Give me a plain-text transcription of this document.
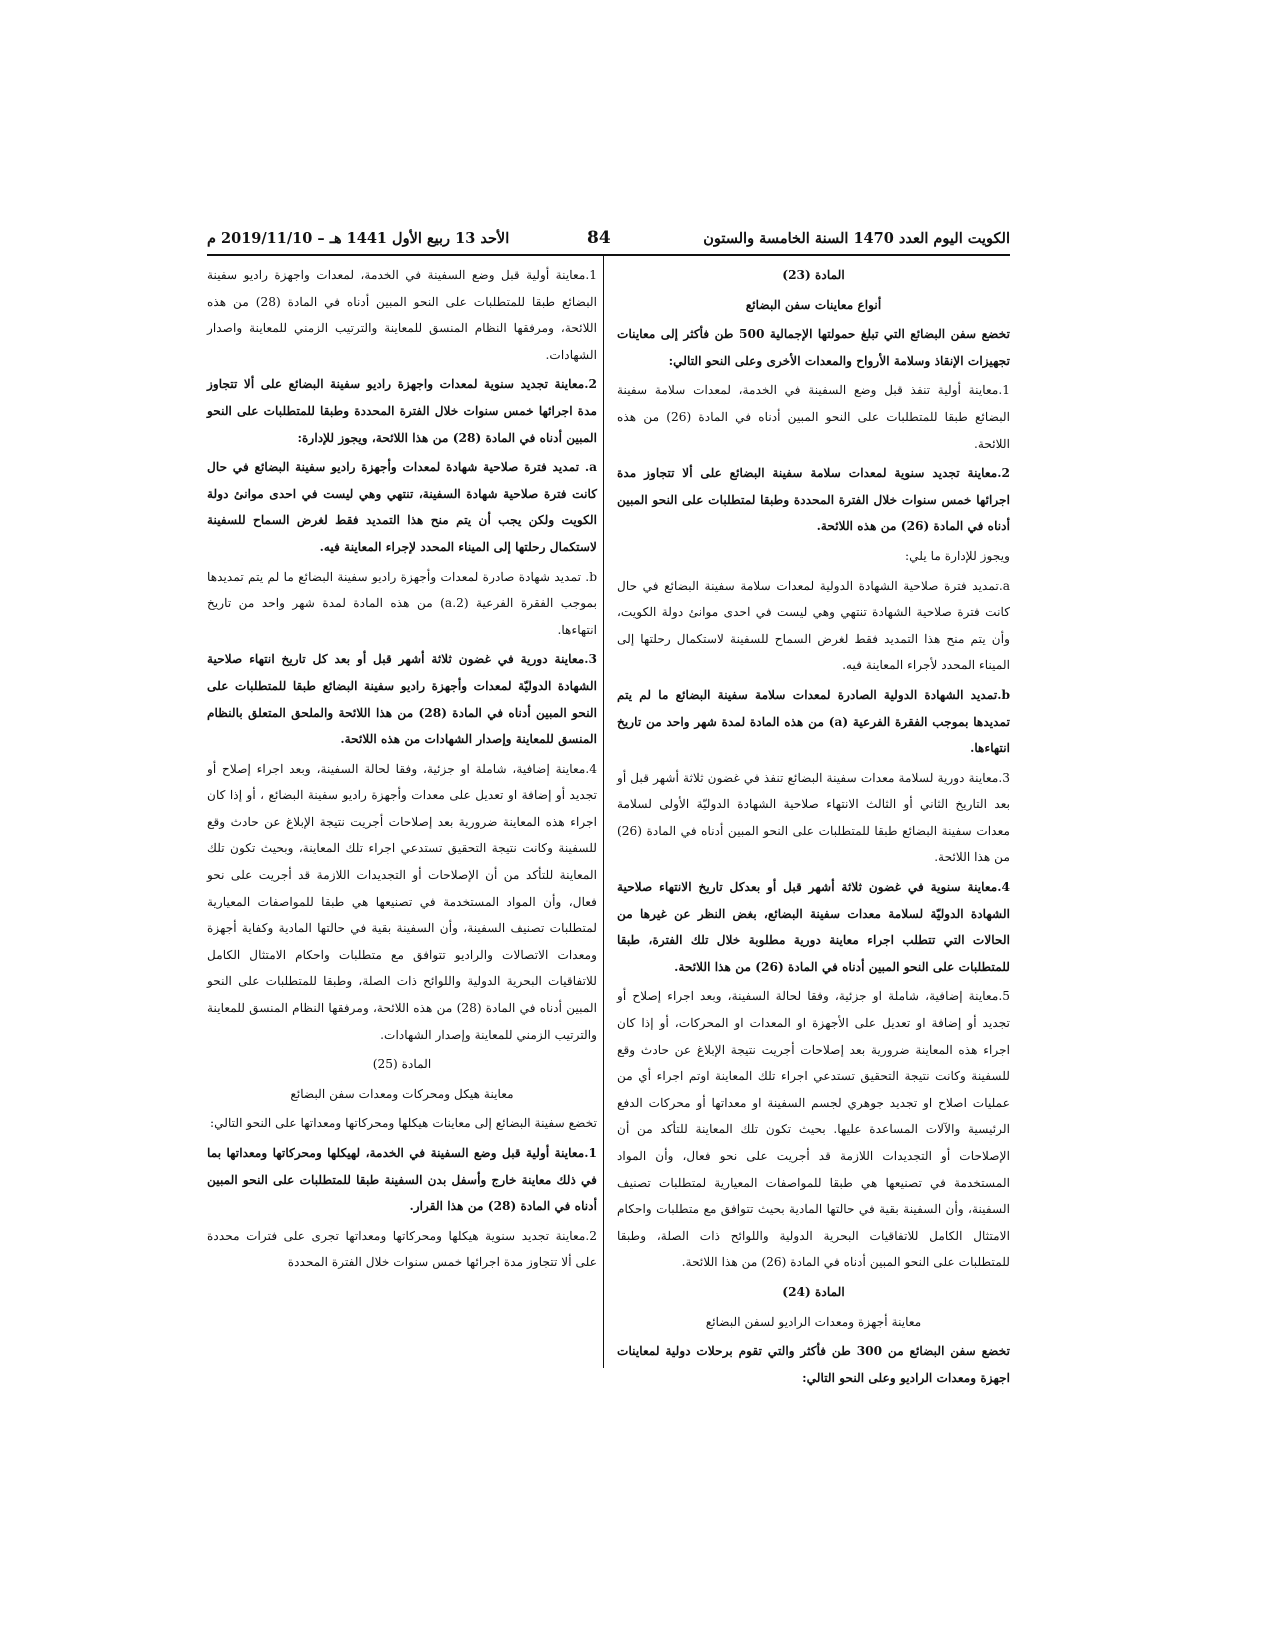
الكويت اليوم العدد 1470 السنة الخامسة والستون
84
الأحد 13 ربيع الأول 1441 هـ – 2019/11/10 م

المادة (23)

أنواع معاينات سفن البضائع

تخضع سفن البضائع التي تبلغ حمولتها الإجمالية 500 طن فأكثر إلى معاينات تجهيزات الإنقاذ وسلامة الأرواح والمعدات الأخرى وعلى النحو التالي:

1.معاينة أولية تنفذ قبل وضع السفينة في الخدمة، لمعدات سلامة سفينة البضائع طبقا للمتطلبات على النحو المبين أدناه في المادة (26) من هذه اللائحة.

2.معاينة تجديد سنوية لمعدات سلامة سفينة البضائع على ألا تتجاوز مدة اجرائها خمس سنوات خلال الفترة المحددة وطبقا لمتطلبات على النحو المبين أدناه في المادة (26) من هذه اللائحة.

ويجوز للإدارة ما يلي:

a.تمديد فترة صلاحية الشهادة الدولية لمعدات سلامة سفينة البضائع في حال كانت فترة صلاحية الشهادة تنتهي وهي ليست في احدى موانئ دولة الكويت، وأن يتم منح هذا التمديد فقط لغرض السماح للسفينة لاستكمال رحلتها إلى الميناء المحدد لأجراء المعاينة فيه.

b.تمديد الشهادة الدولية الصادرة لمعدات سلامة سفينة البضائع ما لم يتم تمديدها بموجب الفقرة الفرعية (a) من هذه المادة لمدة شهر واحد من تاريخ انتهاءها.

3.معاينة دورية لسلامة معدات سفينة البضائع تنفذ في غضون ثلاثة أشهر قبل أو بعد التاريخ الثاني أو الثالث الانتهاء صلاحية الشهادة الدوليّة الأولى لسلامة معدات سفينة البضائع طبقا للمتطلبات على النحو المبين أدناه في المادة (26) من هذا اللائحة.

4.معاينة سنوية في غضون ثلاثة أشهر قبل أو بعدكل تاريخ الانتهاء صلاحية الشهادة الدوليّة لسلامة معدات سفينة البضائع، بغض النظر عن غيرها من الحالات التي تتطلب اجراء معاينة دورية مطلوبة خلال تلك الفترة، طبقا للمتطلبات على النحو المبين أدناه في المادة (26) من هذا اللائحة.

5.معاينة إضافية، شاملة او جزئية، وفقا لحالة السفينة، وبعد اجراء إصلاح أو تجديد أو إضافة او تعديل على الأجهزة او المعدات او المحركات، أو إذا كان اجراء هذه المعاينة ضرورية بعد إصلاحات أجريت نتيجة الإبلاغ عن حادث وقع للسفينة وكانت نتيجة التحقيق تستدعي اجراء تلك المعاينة اوتم اجراء أي من عمليات اصلاح او تجديد جوهري لجسم السفينة او معداتها أو محركات الدفع الرئيسية والآلات المساعدة عليها. بحيث تكون تلك المعاينة للتأكد من أن الإصلاحات أو التجديدات اللازمة قد أجريت على نحو فعال، وأن المواد المستخدمة في تصنيعها هي طبقا للمواصفات المعيارية لمتطلبات تصنيف السفينة، وأن السفينة بقية في حالتها المادية بحيث تتوافق مع متطلبات واحكام الامتثال الكامل للاتفاقيات البحرية الدولية واللوائح ذات الصلة، وطبقا للمتطلبات على النحو المبين أدناه في المادة (26) من هذا اللائحة.

المادة (24)

معاينة أجهزة ومعدات الراديو لسفن البضائع

تخضع سفن البضائع من 300 طن فأكثر والتي تقوم برحلات دولية لمعاينات اجهزة ومعدات الراديو وعلى النحو التالي:

1.معاينة أولية قبل وضع السفينة في الخدمة، لمعدات واجهزة راديو سفينة البضائع طبقا للمتطلبات على النحو المبين أدناه في المادة (28) من هذه اللائحة، ومرفقها النظام المنسق للمعاينة والترتيب الزمني للمعاينة واصدار الشهادات.

2.معاينة تجديد سنوية لمعدات واجهزة راديو سفينة البضائع على ألا تتجاوز مدة اجرائها خمس سنوات خلال الفترة المحددة وطبقا للمتطلبات على النحو المبين أدناه في المادة (28) من هذا اللائحة، ويجوز للإدارة:

a. تمديد فترة صلاحية شهادة لمعدات وأجهزة راديو سفينة البضائع في حال كانت فترة صلاحية شهادة السفينة، تنتهي وهي ليست في احدى موانئ دولة الكويت ولكن يجب أن يتم منح هذا التمديد فقط لغرض السماح للسفينة لاستكمال رحلتها إلى الميناء المحدد لإجراء المعاينة فيه.

b. تمديد شهادة صادرة لمعدات وأجهزة راديو سفينة البضائع ما لم يتم تمديدها بموجب الفقرة الفرعية (2.a) من هذه المادة لمدة شهر واحد من تاريخ انتهاءها.

3.معاينة دورية في غضون ثلاثة أشهر قبل أو بعد كل تاريخ انتهاء صلاحية الشهادة الدوليّة لمعدات وأجهزة راديو سفينة البضائع طبقا للمتطلبات على النحو المبين أدناه في المادة (28) من هذا اللائحة والملحق المتعلق بالنظام المنسق للمعاينة وإصدار الشهادات من هذه اللائحة.

4.معاينة إضافية، شاملة او جزئية، وفقا لحالة السفينة، وبعد اجراء إصلاح أو تجديد أو إضافة او تعديل على معدات وأجهزة راديو سفينة البضائع ، أو إذا كان اجراء هذه المعاينة ضرورية بعد إصلاحات أجريت نتيجة الإبلاغ عن حادث وقع للسفينة وكانت نتيجة التحقيق تستدعي اجراء تلك المعاينة، وبحيث تكون تلك المعاينة للتأكد من أن الإصلاحات أو التجديدات اللازمة قد أجريت على نحو فعال، وأن المواد المستخدمة في تصنيعها هي طبقا للمواصفات المعيارية لمتطلبات تصنيف السفينة، وأن السفينة بقية في حالتها المادية وكفاية أجهزة ومعدات الاتصالات والراديو تتوافق مع متطلبات واحكام الامتثال الكامل للاتفاقيات البحرية الدولية واللوائح ذات الصلة، وطبقا للمتطلبات على النحو المبين أدناه في المادة (28) من هذه اللائحة، ومرفقها النظام المنسق للمعاينة والترتيب الزمني للمعاينة وإصدار الشهادات.

المادة (25)

معاينة هيكل ومحركات ومعدات سفن البضائع

تخضع سفينة البضائع إلى معاينات هيكلها ومحركاتها ومعداتها على النحو التالي:

1.معاينة أولية قبل وضع السفينة في الخدمة، لهيكلها ومحركاتها ومعداتها بما في ذلك معاينة خارج وأسفل بدن السفينة طبقا للمتطلبات على النحو المبين أدناه في المادة (28) من هذا القرار.

2.معاينة تجديد سنوية هيكلها ومحركاتها ومعداتها تجرى على فترات محددة على ألا تتجاوز مدة اجرائها خمس سنوات خلال الفترة المحددة
